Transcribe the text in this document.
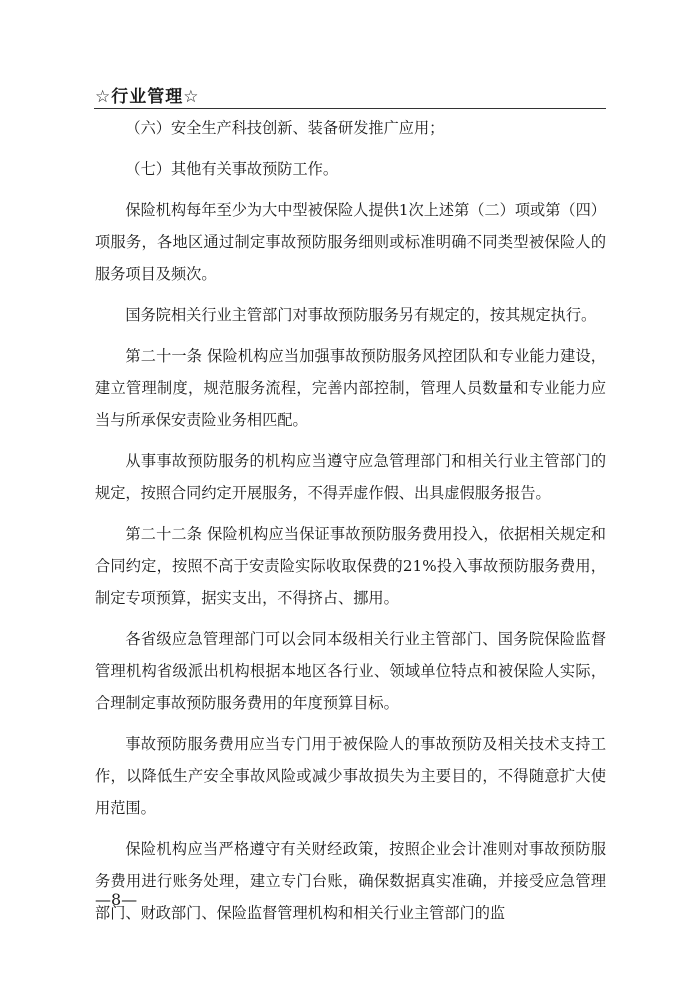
☆行业管理☆

（六）安全生产科技创新、装备研发推广应用；

（七）其他有关事故预防工作。

保险机构每年至少为大中型被保险人提供1次上述第（二）项或第（四）项服务，各地区通过制定事故预防服务细则或标准明确不同类型被保险人的服务项目及频次。

国务院相关行业主管部门对事故预防服务另有规定的，按其规定执行。

第二十一条 保险机构应当加强事故预防服务风控团队和专业能力建设，建立管理制度，规范服务流程，完善内部控制，管理人员数量和专业能力应当与所承保安责险业务相匹配。

从事事故预防服务的机构应当遵守应急管理部门和相关行业主管部门的规定，按照合同约定开展服务，不得弄虚作假、出具虚假服务报告。

第二十二条 保险机构应当保证事故预防服务费用投入，依据相关规定和合同约定，按照不高于安责险实际收取保费的21%投入事故预防服务费用，制定专项预算，据实支出，不得挤占、挪用。

各省级应急管理部门可以会同本级相关行业主管部门、国务院保险监督管理机构省级派出机构根据本地区各行业、领域单位特点和被保险人实际，合理制定事故预防服务费用的年度预算目标。

事故预防服务费用应当专门用于被保险人的事故预防及相关技术支持工作，以降低生产安全事故风险或减少事故损失为主要目的，不得随意扩大使用范围。

保险机构应当严格遵守有关财经政策，按照企业会计准则对事故预防服务费用进行账务处理，建立专门台账，确保数据真实准确，并接受应急管理部门、财政部门、保险监督管理机构和相关行业主管部门的监

—8—
